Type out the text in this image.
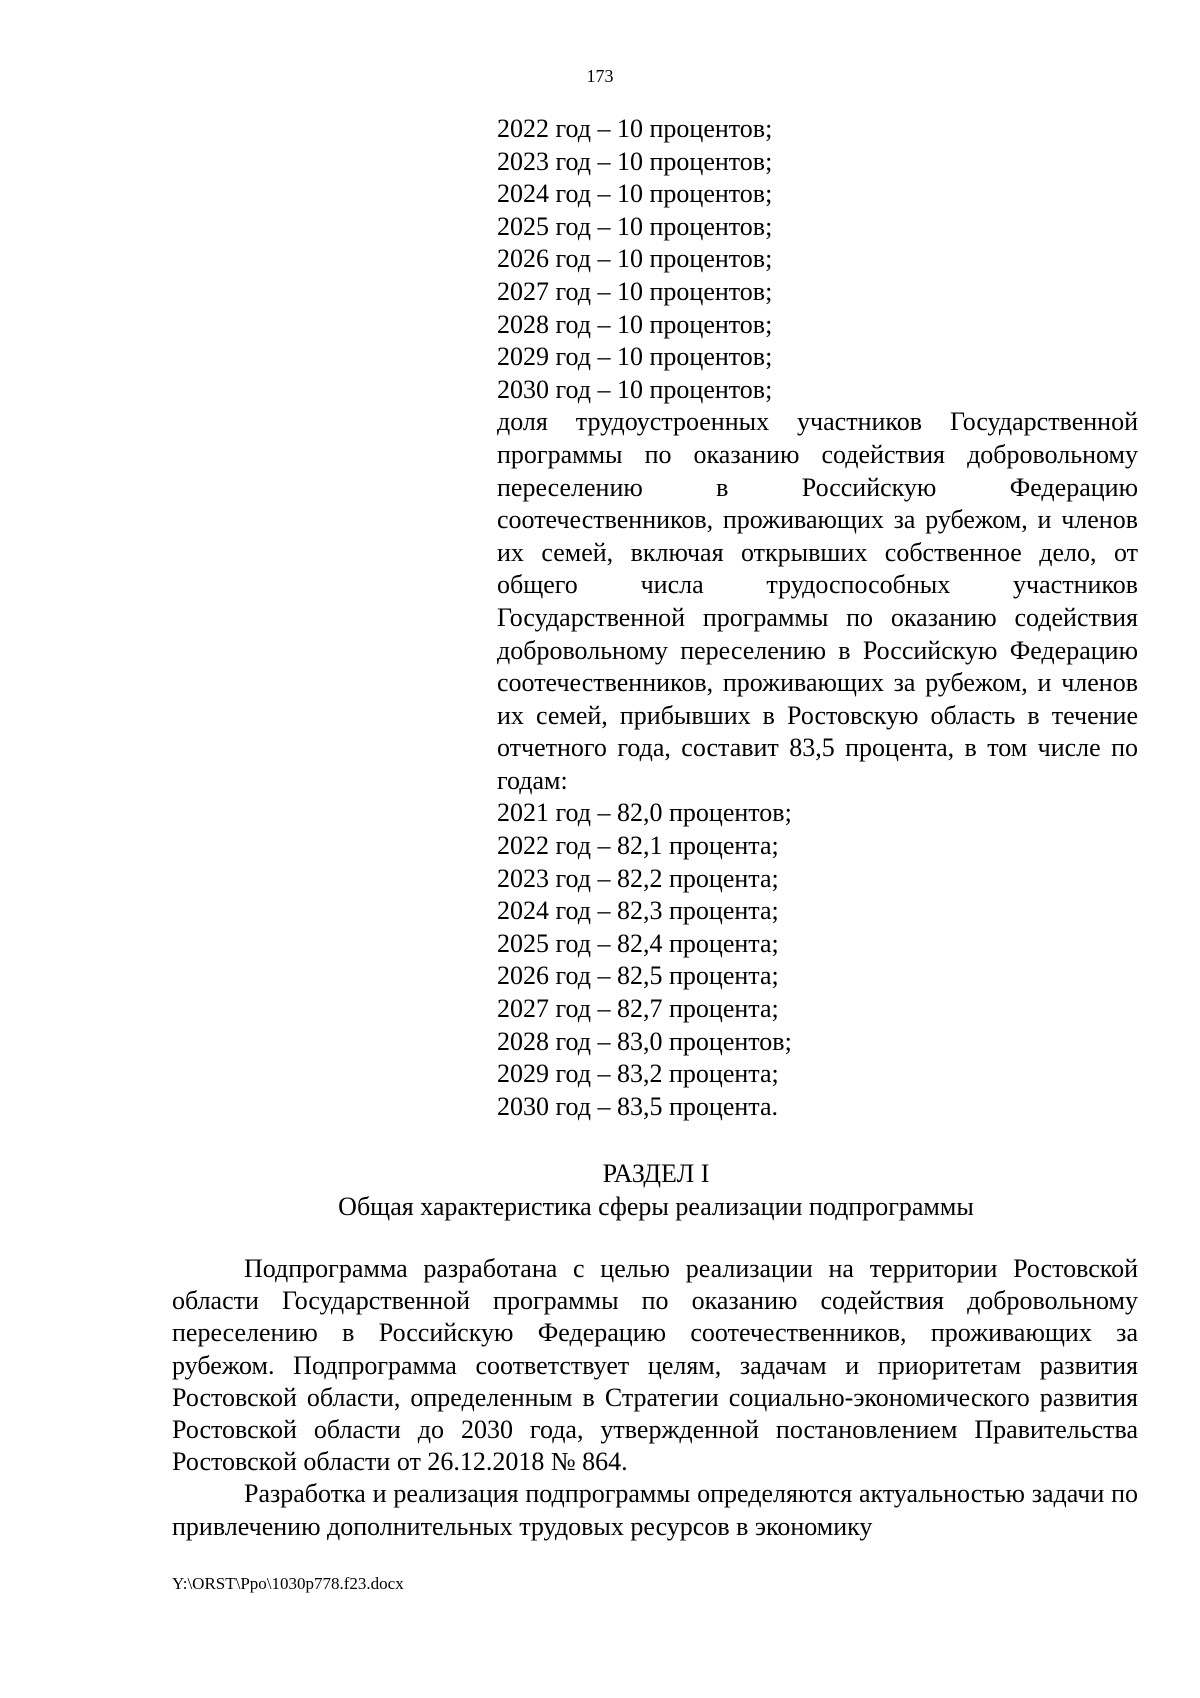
173
2022 год – 10 процентов;
2023 год – 10 процентов;
2024 год – 10 процентов;
2025 год – 10 процентов;
2026 год – 10 процентов;
2027 год – 10 процентов;
2028 год – 10 процентов;
2029 год – 10 процентов;
2030 год – 10 процентов;
доля трудоустроенных участников Государственной программы по оказанию содействия добровольному переселению в Российскую Федерацию соотечественников, проживающих за рубежом, и членов их семей, включая открывших собственное дело, от общего числа трудоспособных участников Государственной программы по оказанию содействия добровольному переселению в Российскую Федерацию соотечественников, проживающих за рубежом, и членов их семей, прибывших в Ростовскую область в течение отчетного года, составит 83,5 процента, в том числе по годам:
2021 год – 82,0 процентов;
2022 год – 82,1 процента;
2023 год – 82,2 процента;
2024 год – 82,3 процента;
2025 год – 82,4 процента;
2026 год – 82,5 процента;
2027 год – 82,7 процента;
2028 год – 83,0 процентов;
2029 год – 83,2 процента;
2030 год – 83,5 процента.
РАЗДЕЛ I
Общая характеристика сферы реализации подпрограммы

Подпрограмма разработана с целью реализации на территории Ростовской области Государственной программы по оказанию содействия добровольному переселению в Российскую Федерацию соотечественников, проживающих за рубежом. Подпрограмма соответствует целям, задачам и приоритетам развития Ростовской области, определенным в Стратегии социально-экономического развития Ростовской области до 2030 года, утвержденной постановлением Правительства Ростовской области от 26.12.2018 № 864.

Разработка и реализация подпрограммы определяются актуальностью задачи по привлечению дополнительных трудовых ресурсов в экономику

Y:\ORST\Ppo\1030p778.f23.docx
